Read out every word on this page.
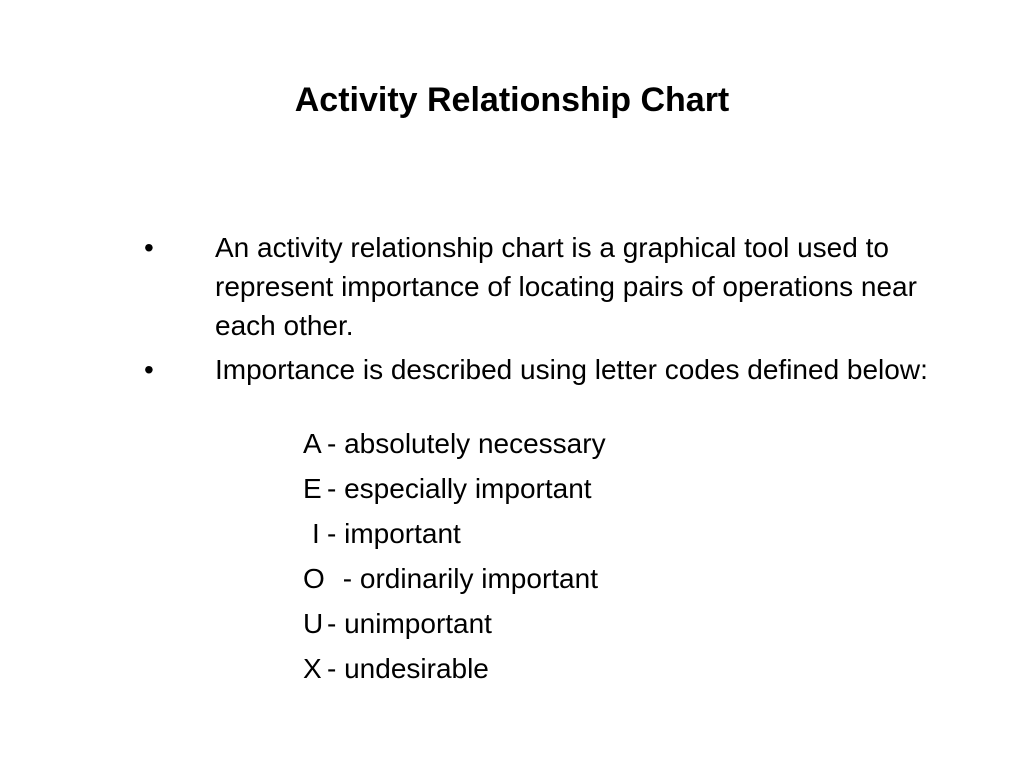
Activity Relationship Chart
• An activity relationship chart is a graphical tool used to represent importance of locating pairs of operations near each other.
• Importance is described using letter codes defined below:
A - absolutely necessary
E - especially important
I - important
O - ordinarily important
U - unimportant
X - undesirable
